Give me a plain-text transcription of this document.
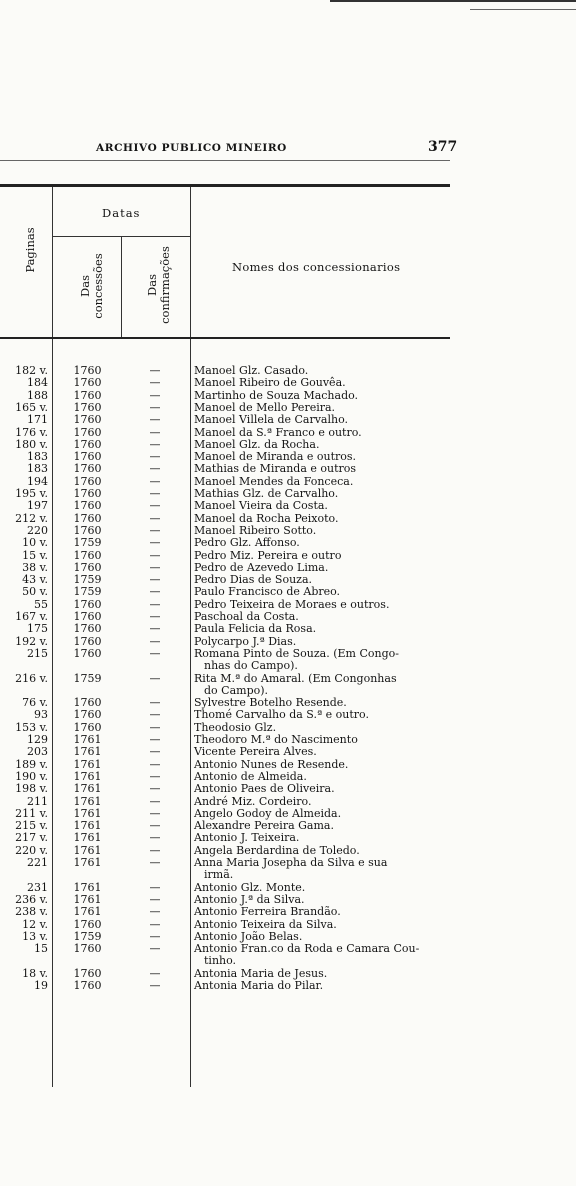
ARCHIVO PUBLICO MINEIRO	377
Paginas
Datas
Das concessões	Das confirmações	Nomes dos concessionarios
182 v.	1760	—	Manoel Glz. Casado.
184	1760	—	Manoel Ribeiro de Gouvêa.
188	1760	—	Martinho de Souza Machado.
165 v.	1760	—	Manoel de Mello Pereira.
171	1760	—	Manoel Villela de Carvalho.
176 v.	1760	—	Manoel da S.ª Franco e outro.
180 v.	1760	—	Manoel Glz. da Rocha.
183	1760	—	Manoel de Miranda e outros.
183	1760	—	Mathias de Miranda e outros
194	1760	—	Manoel Mendes da Fonceca.
195 v.	1760	—	Mathias Glz. de Carvalho.
197	1760	—	Manoel Vieira da Costa.
212 v.	1760	—	Manoel da Rocha Peixoto.
220	1760	—	Manoel Ribeiro Sotto.
10 v.	1759	—	Pedro Glz. Affonso.
15 v.	1760	—	Pedro Miz. Pereira e outro
38 v.	1760	—	Pedro de Azevedo Lima.
43 v.	1759	—	Pedro Dias de Souza.
50 v.	1759	—	Paulo Francisco de Abreo.
55	1760	—	Pedro Teixeira de Moraes e outros.
167 v.	1760	—	Paschoal da Costa.
175	1760	—	Paula Felicia da Rosa.
192 v.	1760	—	Polycarpo J.ª Dias.
215	1760	—	Romana Pinto de Souza. (Em Congo-
nhas do Campo).
216 v.	1759	—	Rita M.ª do Amaral. (Em Congonhas
do Campo).
76 v.	1760	—	Sylvestre Botelho Resende.
93	1760	—	Thomé Carvalho da S.ª e outro.
153 v.	1760	—	Theodosio Glz.
129	1761	—	Theodoro M.ª do Nascimento
203	1761	—	Vicente Pereira Alves.
189 v.	1761	—	Antonio Nunes de Resende.
190 v.	1761	—	Antonio de Almeida.
198 v.	1761	—	Antonio Paes de Oliveira.
211	1761	—	André Miz. Cordeiro.
211 v.	1761	—	Angelo Godoy de Almeida.
215 v.	1761	—	Alexandre Pereira Gama.
217 v.	1761	—	Antonio J. Teixeira.
220 v.	1761	—	Angela Berdardina de Toledo.
221	1761	—	Anna Maria Josepha da Silva e sua
irmã.
231	1761	—	Antonio Glz. Monte.
236 v.	1761	—	Antonio J.ª da Silva.
238 v.	1761	—	Antonio Ferreira Brandão.
12 v.	1760	—	Antonio Teixeira da Silva.
13 v.	1759	—	Antonio João Belas.
15	1760	—	Antonio Fran.co da Roda e Camara Cou-
tinho.
18 v.	1760	—	Antonia Maria de Jesus.
19	1760	—	Antonia Maria do Pilar.
